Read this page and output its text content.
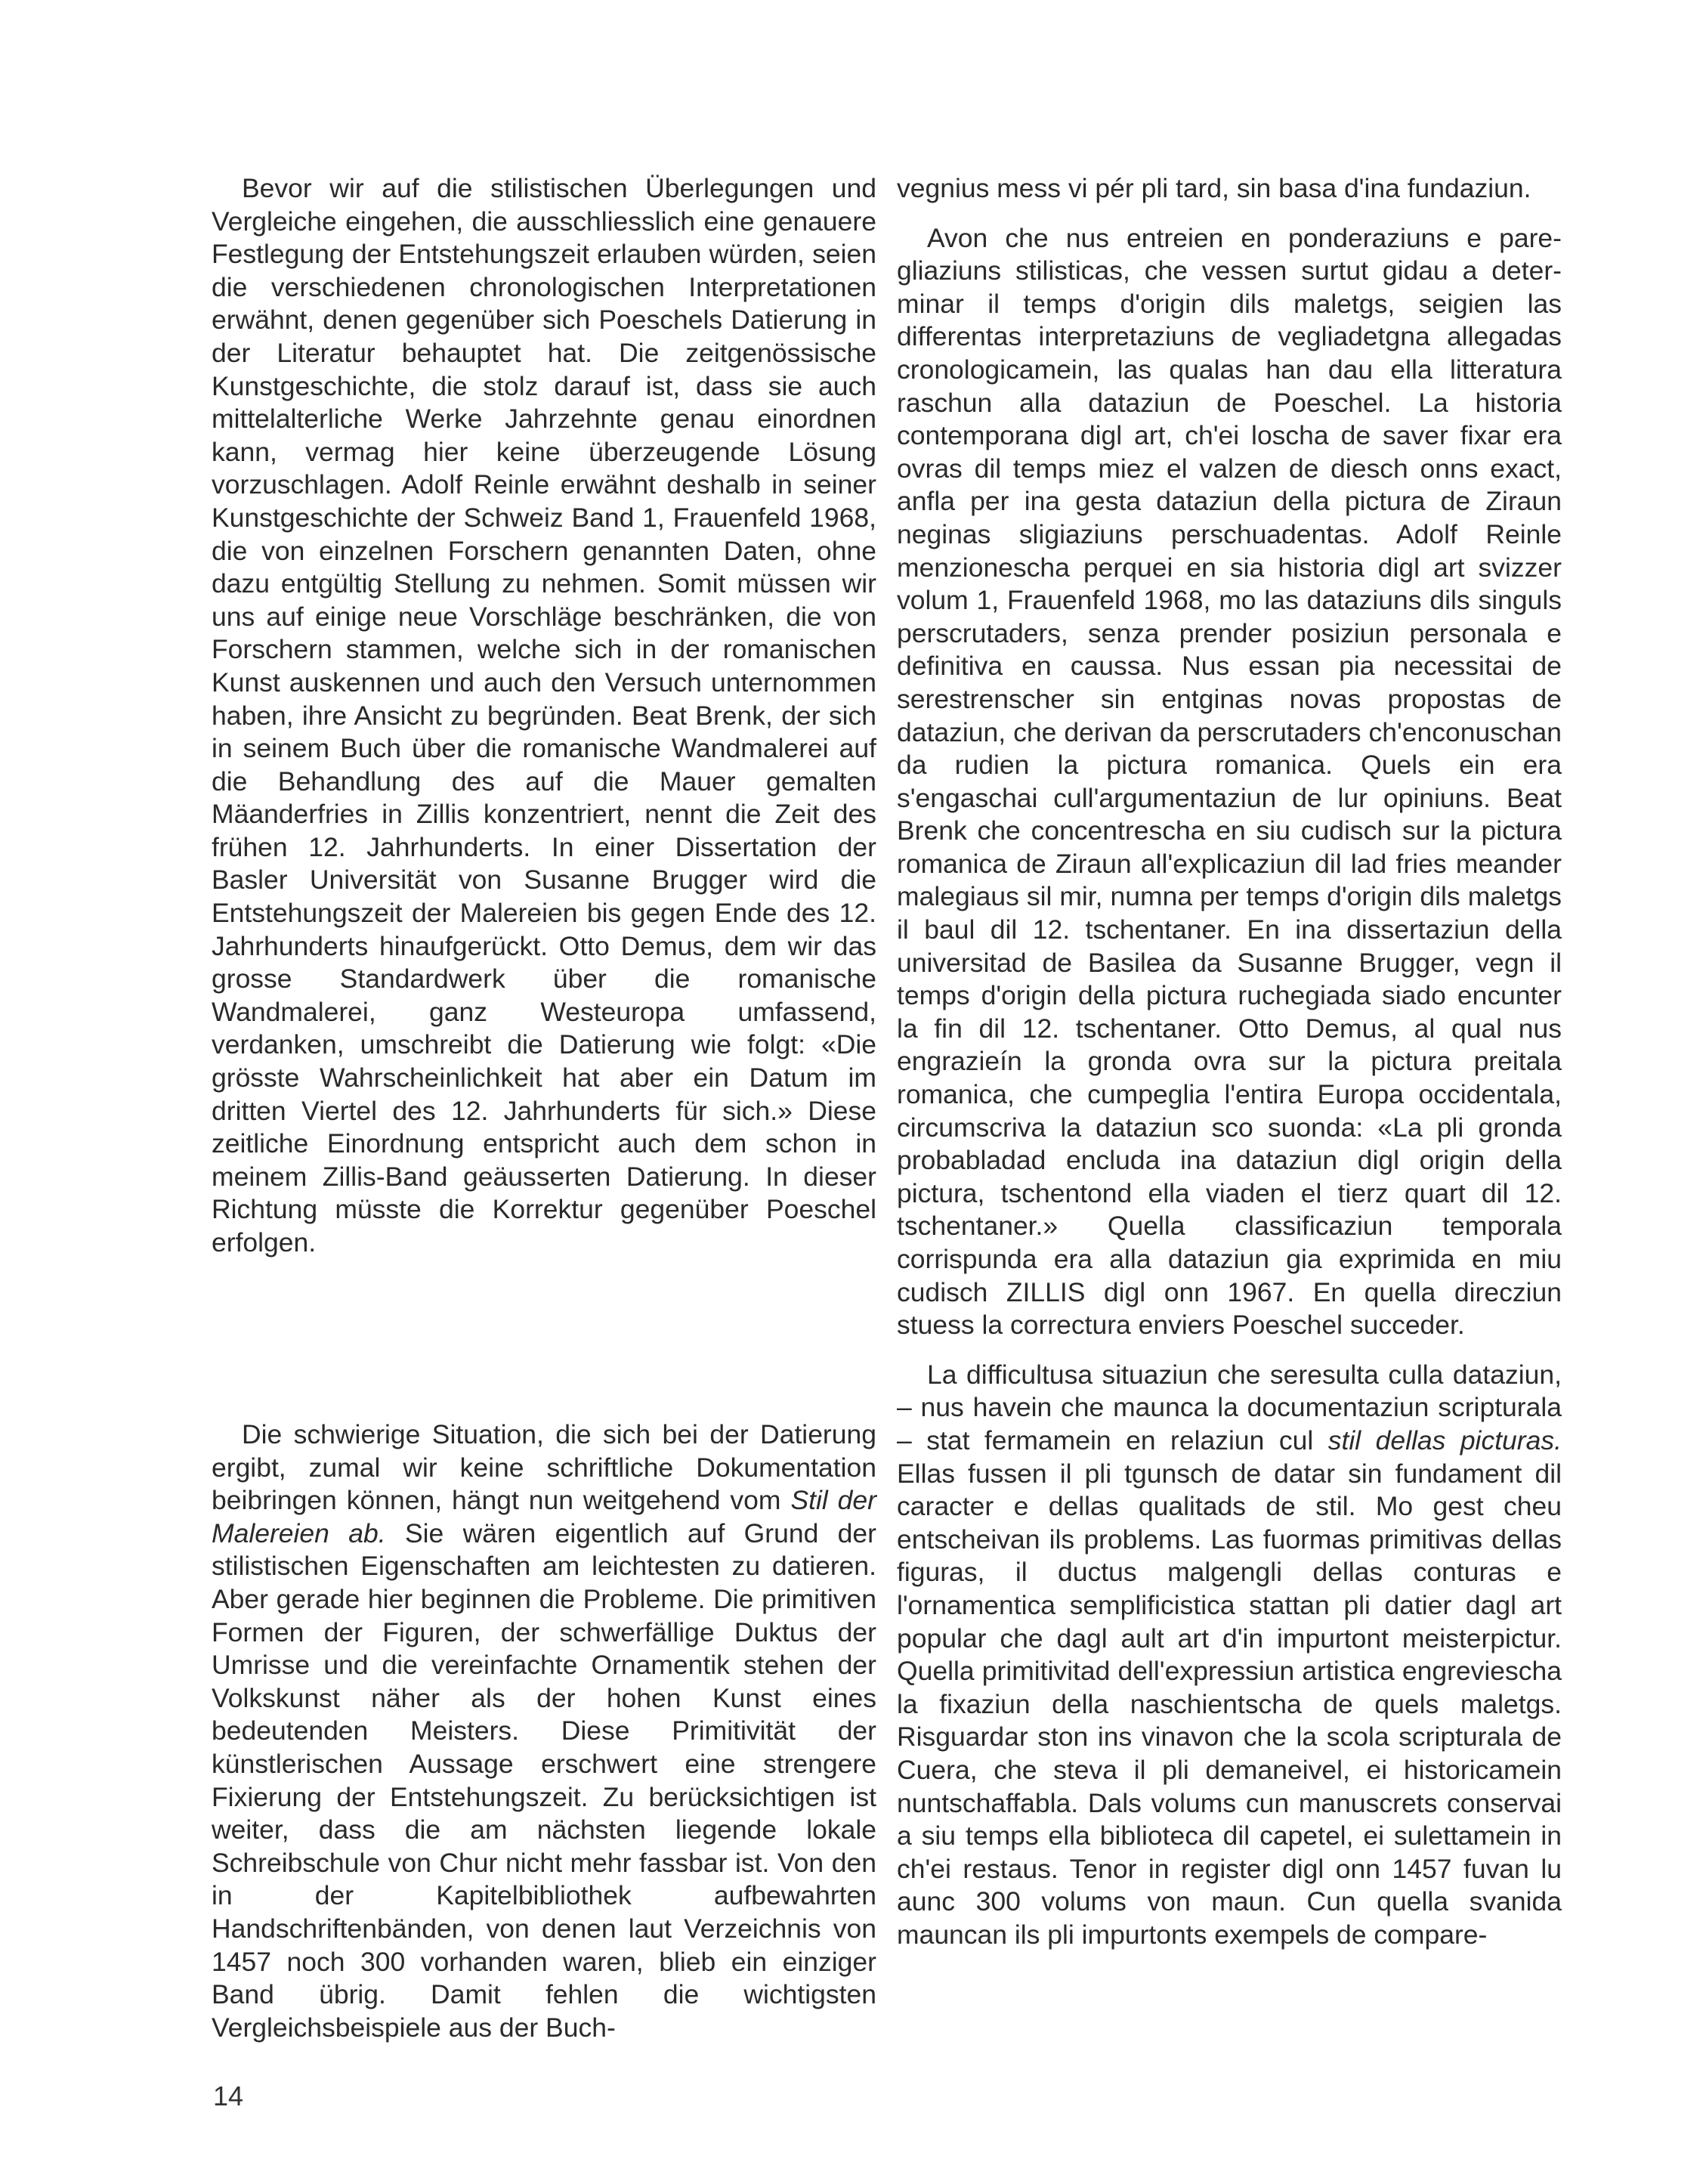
Bevor wir auf die stilistischen Überlegungen und Vergleiche eingehen, die ausschliesslich eine genauere Festlegung der Entstehungszeit erlauben würden, seien die verschiedenen chronologischen Interpretationen erwähnt, denen gegenüber sich Poeschels Datierung in der Literatur behauptet hat. Die zeitgenössische Kunstgeschichte, die stolz darauf ist, dass sie auch mittelalterliche Werke Jahrzehnte genau einordnen kann, vermag hier keine überzeugende Lösung vorzuschlagen. Adolf Reinle erwähnt deshalb in seiner Kunstgeschichte der Schweiz Band 1, Frauenfeld 1968, die von einzelnen Forschern genannten Daten, ohne dazu entgültig Stellung zu nehmen. Somit müssen wir uns auf einige neue Vorschläge beschränken, die von Forschern stammen, welche sich in der romanischen Kunst auskennen und auch den Versuch unternommen haben, ihre Ansicht zu begründen. Beat Brenk, der sich in seinem Buch über die romanische Wandmalerei auf die Behandlung des auf die Mauer gemalten Mäanderfries in Zillis konzentriert, nennt die Zeit des frühen 12. Jahrhunderts. In einer Dissertation der Basler Universität von Susanne Brugger wird die Entstehungszeit der Malereien bis gegen Ende des 12. Jahrhunderts hinaufgerückt. Otto Demus, dem wir das grosse Standardwerk über die romanische Wandmalerei, ganz Westeuropa umfassend, verdanken, umschreibt die Datierung wie folgt: «Die grösste Wahrscheinlichkeit hat aber ein Datum im dritten Viertel des 12. Jahrhunderts für sich.» Diese zeitliche Einordnung entspricht auch dem schon in meinem Zillis-Band geäusserten Datierung. In dieser Richtung müsste die Korrektur gegenüber Poeschel erfolgen.

Die schwierige Situation, die sich bei der Datierung ergibt, zumal wir keine schriftliche Dokumentation beibringen können, hängt nun weitgehend vom Stil der Malereien ab. Sie wären eigentlich auf Grund der stilistischen Eigenschaften am leichtesten zu datieren. Aber gerade hier beginnen die Probleme. Die primitiven Formen der Figuren, der schwerfällige Duktus der Umrisse und die vereinfachte Ornamentik stehen der Volkskunst näher als der hohen Kunst eines bedeutenden Meisters. Diese Primitivität der künstlerischen Aussage erschwert eine strengere Fixierung der Entstehungszeit. Zu berücksichtigen ist weiter, dass die am nächsten liegende lokale Schreibschule von Chur nicht mehr fassbar ist. Von den in der Kapitelbibliothek aufbewahrten Handschriftenbänden, von denen laut Verzeichnis von 1457 noch 300 vorhanden waren, blieb ein einziger Band übrig. Damit fehlen die wichtigsten Vergleichsbeispiele aus der Buch-

vegnius mess vi pér pli tard, sin basa d'ina fundaziun.

Avon che nus entreien en ponderaziuns e paregliaziuns stilisticas, che vessen surtut gidau a determinar il temps d'origin dils maletgs, seigien las differentas interpretaziuns de vegliadetgna allegadas cronologicamein, las qualas han dau ella litteratura raschun alla dataziun de Poeschel. La historia contemporana digl art, ch'ei loscha de saver fixar era ovras dil temps miez el valzen de diesch onns exact, anfla per ina gesta dataziun della pictura de Ziraun neginas sligiaziuns perschuadentas. Adolf Reinle menzionescha perquei en sia historia digl art svizzer volum 1, Frauenfeld 1968, mo las dataziuns dils singuls perscrutaders, senza prender posiziun personala e definitiva en caussa. Nus essan pia necessitai de serestrenscher sin entginas novas propostas de dataziun, che derivan da perscrutaders ch'enconuschan da rudien la pictura romanica. Quels ein era s'engaschai cull'argumentaziun de lur opiniuns. Beat Brenk che concentrescha en siu cudisch sur la pictura romanica de Ziraun all'explicaziun dil lad fries meander malegiaus sil mir, numna per temps d'origin dils maletgs il baul dil 12. tschentaner. En ina dissertaziun della universitad de Basilea da Susanne Brugger, vegn il temps d'origin della pictura ruchegiada siado encunter la fin dil 12. tschentaner. Otto Demus, al qual nus engrazieín la gronda ovra sur la pictura preitala romanica, che cumpeglia l'entira Europa occidentala, circumscriva la dataziun sco suonda: «La pli gronda probabladad encluda ina dataziun digl origin della pictura, tschentond ella viaden el tierz quart dil 12. tschentaner.» Quella classificaziun temporala corrispunda era alla dataziun gia exprimida en miu cudisch ZILLIS digl onn 1967. En quella direcziun stuess la correctura enviers Poeschel succeder.

La difficultusa situaziun che seresulta culla dataziun, – nus havein che maunca la documentaziun scripturala – stat fermamein en relaziun cul stil dellas picturas. Ellas fussen il pli tgunsch de datar sin fundament dil caracter e dellas qualitads de stil. Mo gest cheu entscheivan ils problems. Las fuormas primitivas dellas figuras, il ductus malgengli dellas conturas e l'ornamentica semplificistica stattan pli datier dagl art popular che dagl ault art d'in impurtont meisterpictur. Quella primitivitad dell'expressiun artistica engreviescha la fixaziun della naschientscha de quels maletgs. Risguardar ston ins vinavon che la scola scripturala de Cuera, che steva il pli demaneivel, ei historicamein nuntschaffabla. Dals volums cun manuscrets conservai a siu temps ella biblioteca dil capetel, ei sulettamein in ch'ei restaus. Tenor in register digl onn 1457 fuvan lu aunc 300 volums von maun. Cun quella svanida mauncan ils pli impurtonts exempels de compare-

14
